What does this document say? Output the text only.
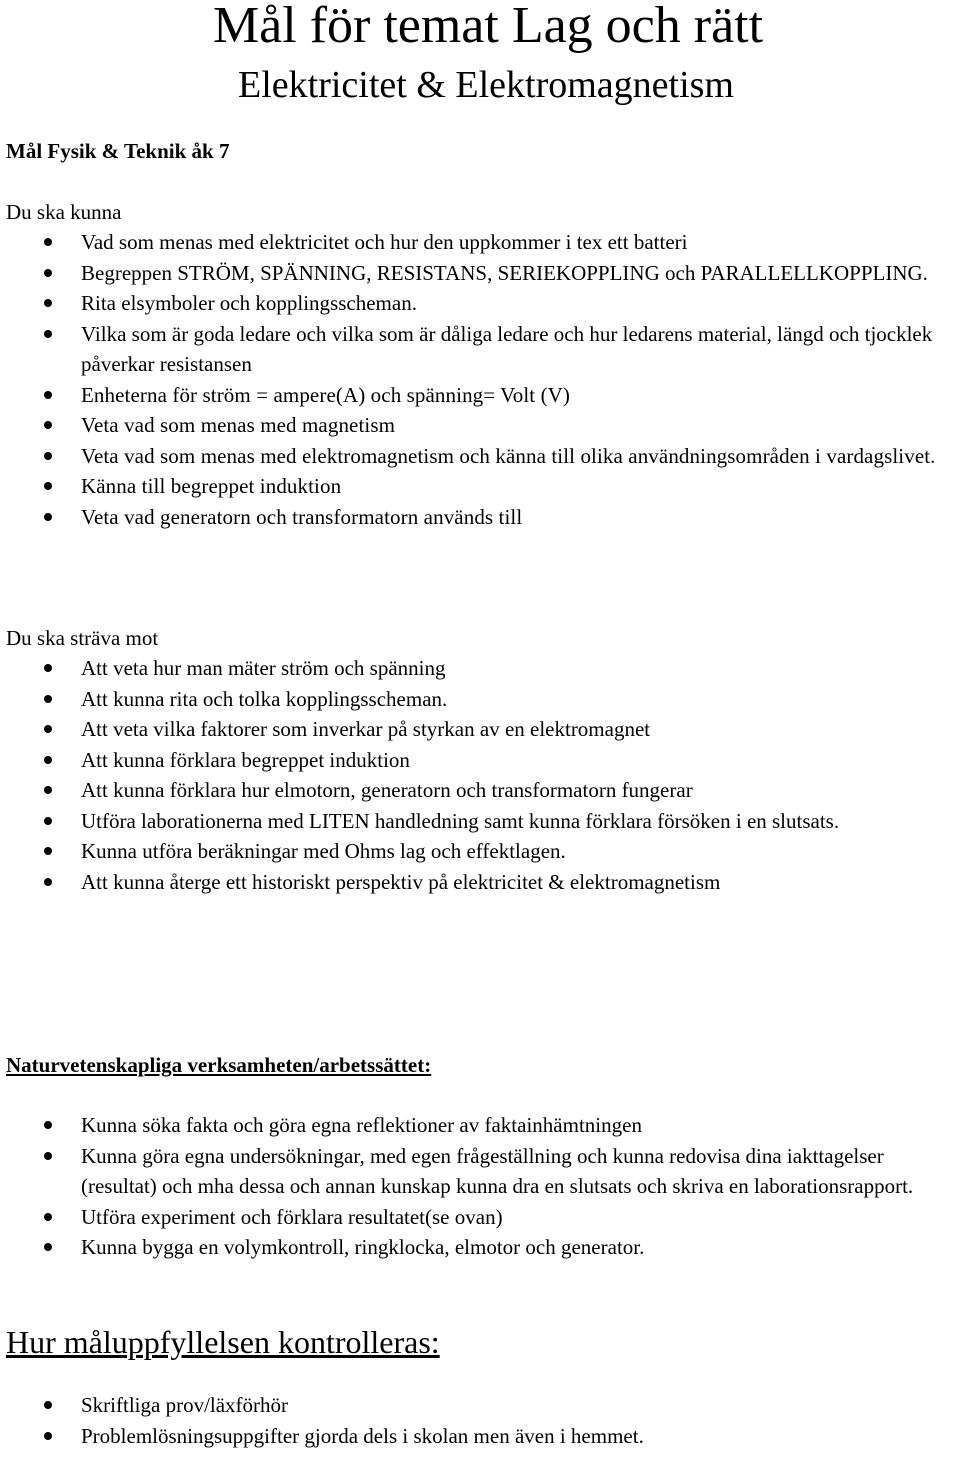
Mål för temat Lag och rätt
Elektricitet & Elektromagnetism

Mål Fysik & Teknik åk 7

Du ska kunna

Vad som menas med elektricitet och hur den uppkommer i tex ett batteri
Begreppen STRÖM, SPÄNNING, RESISTANS, SERIEKOPPLING och PARALLELLKOPPLING.
Rita elsymboler och kopplingsscheman.
Vilka som är goda ledare och vilka som är dåliga ledare och hur ledarens material, längd och tjocklek påverkar resistansen
Enheterna för ström = ampere(A) och spänning= Volt (V)
Veta vad som menas med magnetism
Veta vad som menas med elektromagnetism och känna till olika användningsområden i vardagslivet.
Känna till begreppet induktion
Veta vad generatorn och transformatorn används till

Du ska sträva mot

Att veta hur man mäter ström och spänning
Att kunna rita och tolka kopplingsscheman.
Att veta vilka faktorer som inverkar på styrkan av en elektromagnet
Att kunna förklara begreppet induktion
Att kunna förklara hur elmotorn, generatorn och transformatorn fungerar
Utföra laborationerna med LITEN handledning samt kunna förklara försöken i en slutsats.
Kunna utföra beräkningar med Ohms lag och effektlagen.
Att kunna återge ett historiskt perspektiv på elektricitet & elektromagnetism

Naturvetenskapliga verksamheten/arbetssättet:

Kunna söka fakta och göra egna reflektioner av faktainhämtningen
Kunna göra egna undersökningar, med egen frågeställning och kunna redovisa dina iakttagelser (resultat) och mha dessa och annan kunskap kunna dra en slutsats och skriva en laborationsrapport.
Utföra experiment och förklara resultatet(se ovan)
Kunna bygga en volymkontroll, ringklocka, elmotor och generator.

Hur måluppfyllelsen kontrolleras:

Skriftliga prov/läxförhör
Problemlösningsuppgifter gjorda dels i skolan men även i hemmet.
